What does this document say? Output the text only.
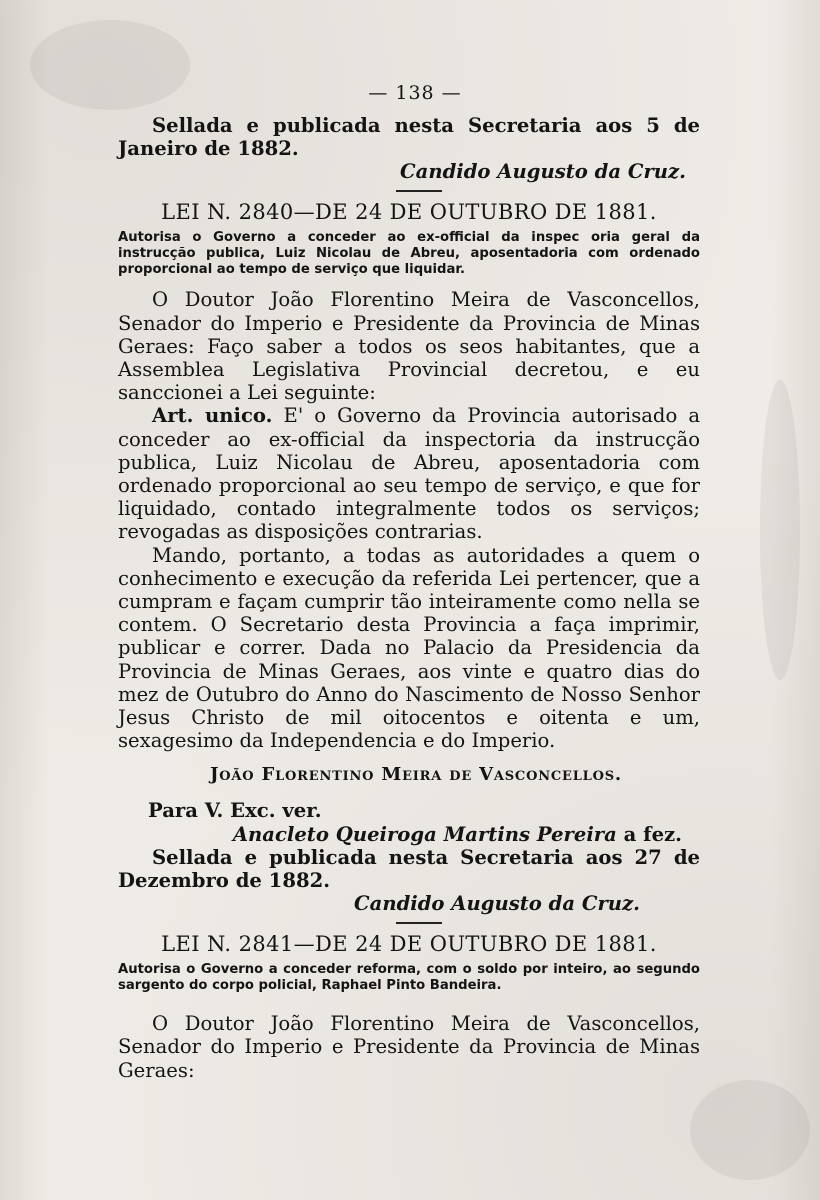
— 138 —

Sellada e publicada nesta Secretaria aos 5 de Janeiro de 1882.

Candido Augusto da Cruz.
LEI N. 2840—DE 24 DE OUTUBRO DE 1881.

Autorisa o Governo a conceder ao ex-official da inspec oria geral da instrucção publica, Luiz Nicolau de Abreu, aposentadoria com ordenado proporcional ao tempo de serviço que liquidar.

O Doutor João Florentino Meira de Vasconcellos, Senador do Imperio e Presidente da Provincia de Minas Geraes: Faço saber a todos os seos habitantes, que a Assemblea Legislativa Provincial decretou, e eu sanccionei a Lei seguinte:

Art. unico. E' o Governo da Provincia autorisado a conceder ao ex-official da inspectoria da instrucção publica, Luiz Nicolau de Abreu, aposentadoria com ordenado proporcional ao seu tempo de serviço, e que for liquidado, contado integralmente todos os serviços; revogadas as disposições contrarias.

Mando, portanto, a todas as autoridades a quem o conhecimento e execução da referida Lei pertencer, que a cumpram e façam cumprir tão inteiramente como nella se contem. O Secretario desta Provincia a faça imprimir, publicar e correr. Dada no Palacio da Presidencia da Provincia de Minas Geraes, aos vinte e quatro dias do mez de Outubro do Anno do Nascimento de Nosso Senhor Jesus Christo de mil oitocentos e oitenta e um, sexagesimo da Independencia e do Imperio.

João Florentino Meira de Vasconcellos.

Para V. Exc. ver.

Anacleto Queiroga Martins Pereira a fez.

Sellada e publicada nesta Secretaria aos 27 de Dezembro de 1882.

Candido Augusto da Cruz.
LEI N. 2841—DE 24 DE OUTUBRO DE 1881.

Autorisa o Governo a conceder reforma, com o soldo por inteiro, ao segundo sargento do corpo policial, Raphael Pinto Bandeira.

O Doutor João Florentino Meira de Vasconcellos, Senador do Imperio e Presidente da Provincia de Minas Geraes:
